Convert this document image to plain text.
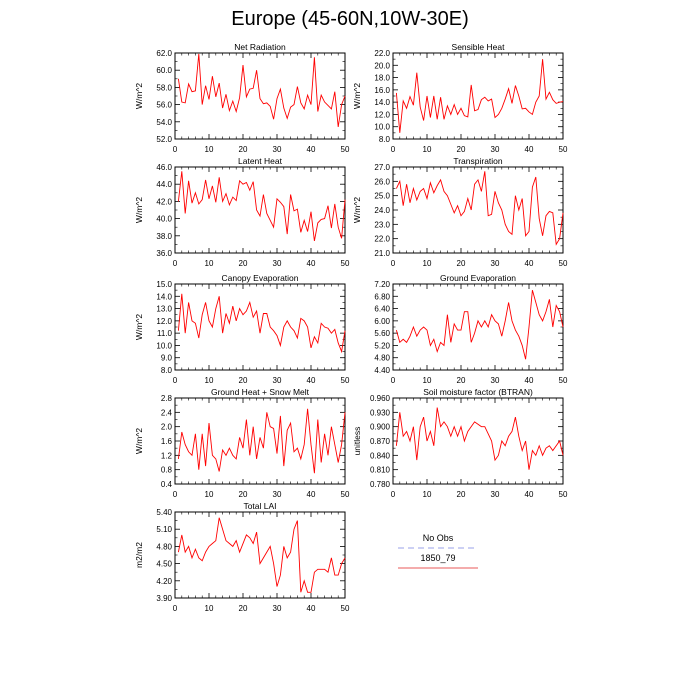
Europe (45-60N,10W-30E)
0	10	20	30	40	50
52.0
54.0
56.0
58.0
60.0
62.0
Net Radiation
W/m^2
0	10	20	30	40	50
8.0
10.0
12.0
14.0
16.0
18.0
20.0
22.0
Sensible Heat
W/m^2
0	10	20	30	40	50
36.0
38.0
40.0
42.0
44.0
46.0
Latent Heat
W/m^2
0	10	20	30	40	50
21.0
22.0
23.0
24.0
25.0
26.0
27.0
Transpiration
W/m^2
0	10	20	30	40	50
8.0
9.0
10.0
11.0
12.0
13.0
14.0
15.0
Canopy Evaporation
W/m^2
0	10	20	30	40	50
4.40
4.80
5.20
5.60
6.00
6.40
6.80
7.20
Ground Evaporation
0	10	20	30	40	50
0.4
0.8
1.2
1.6
2.0
2.4
2.8
Ground Heat + Snow Melt
W/m^2
0	10	20	30	40	50
0.780
0.810
0.840
0.870
0.900
0.930
0.960
Soil moisture factor (BTRAN)
unitless
0	10	20	30	40	50
3.90
4.20
4.50
4.80
5.10
5.40
Total LAI
m2/m2
No Obs
1850_79
